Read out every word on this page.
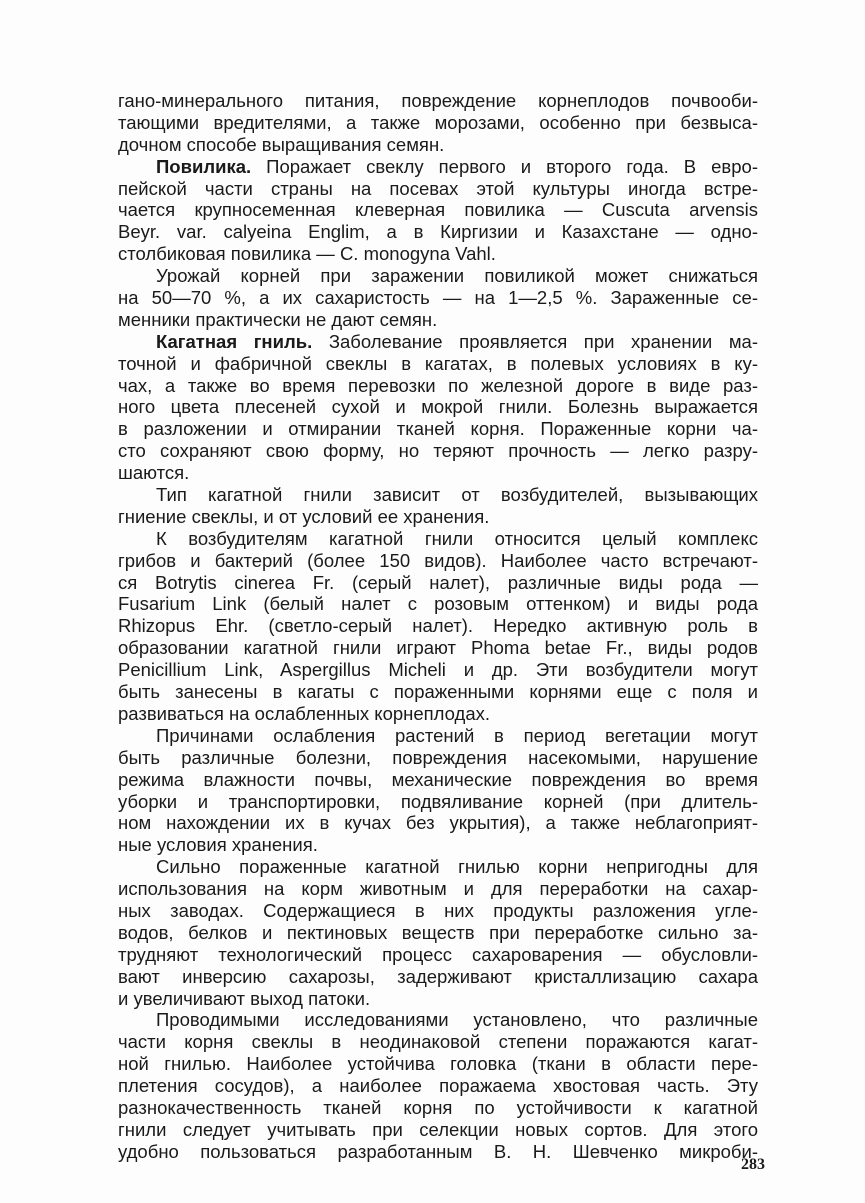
гано-минерального питания, повреждение корнеплодов почвооби-
тающими вредителями, а также морозами, особенно при безвыса-
дочном способе выращивания семян.
Повилика. Поражает свеклу первого и второго года. В евро-
пейской части страны на посевах этой культуры иногда встре-
чается крупносеменная клеверная повилика — Cuscuta arvensis
Beyr. var. calyeina Englim, а в Киргизии и Казахстане — одно-
столбиковая повилика — C. monogyna Vahl.
Урожай корней при заражении повиликой может снижаться
на 50—70 %, а их сахаристость — на 1—2,5 %. Зараженные се-
менники практически не дают семян.
Кагатная гниль. Заболевание проявляется при хранении ма-
точной и фабричной свеклы в кагатах, в полевых условиях в ку-
чах, а также во время перевозки по железной дороге в виде раз-
ного цвета плесеней сухой и мокрой гнили. Болезнь выражается
в разложении и отмирании тканей корня. Пораженные корни ча-
сто сохраняют свою форму, но теряют прочность — легко разру-
шаются.
Тип кагатной гнили зависит от возбудителей, вызывающих
гниение свеклы, и от условий ее хранения.
К возбудителям кагатной гнили относится целый комплекс
грибов и бактерий (более 150 видов). Наиболее часто встречают-
ся Botrytis cinerea Fr. (серый налет), различные виды рода —
Fusarium Link (белый налет с розовым оттенком) и виды рода
Rhizopus Ehr. (светло-серый налет). Нередко активную роль в
образовании кагатной гнили играют Phoma betae Fr., виды родов
Penicillium Link, Aspergillus Micheli и др. Эти возбудители могут
быть занесены в кагаты с пораженными корнями еще с поля и
развиваться на ослабленных корнеплодах.
Причинами ослабления растений в период вегетации могут
быть различные болезни, повреждения насекомыми, нарушение
режима влажности почвы, механические повреждения во время
уборки и транспортировки, подвяливание корней (при длитель-
ном нахождении их в кучах без укрытия), а также неблагоприят-
ные условия хранения.
Сильно пораженные кагатной гнилью корни непригодны для
использования на корм животным и для переработки на сахар-
ных заводах. Содержащиеся в них продукты разложения угле-
водов, белков и пектиновых веществ при переработке сильно за-
трудняют технологический процесс сахароварения — обусловли-
вают инверсию сахарозы, задерживают кристаллизацию сахара
и увеличивают выход патоки.
Проводимыми исследованиями установлено, что различные
части корня свеклы в неодинаковой степени поражаются кагат-
ной гнилью. Наиболее устойчива головка (ткани в области пере-
плетения сосудов), а наиболее поражаема хвостовая часть. Эту
разнокачественность тканей корня по устойчивости к кагатной
гнили следует учитывать при селекции новых сортов. Для этого
удобно пользоваться разработанным В. Н. Шевченко микроби-
283
